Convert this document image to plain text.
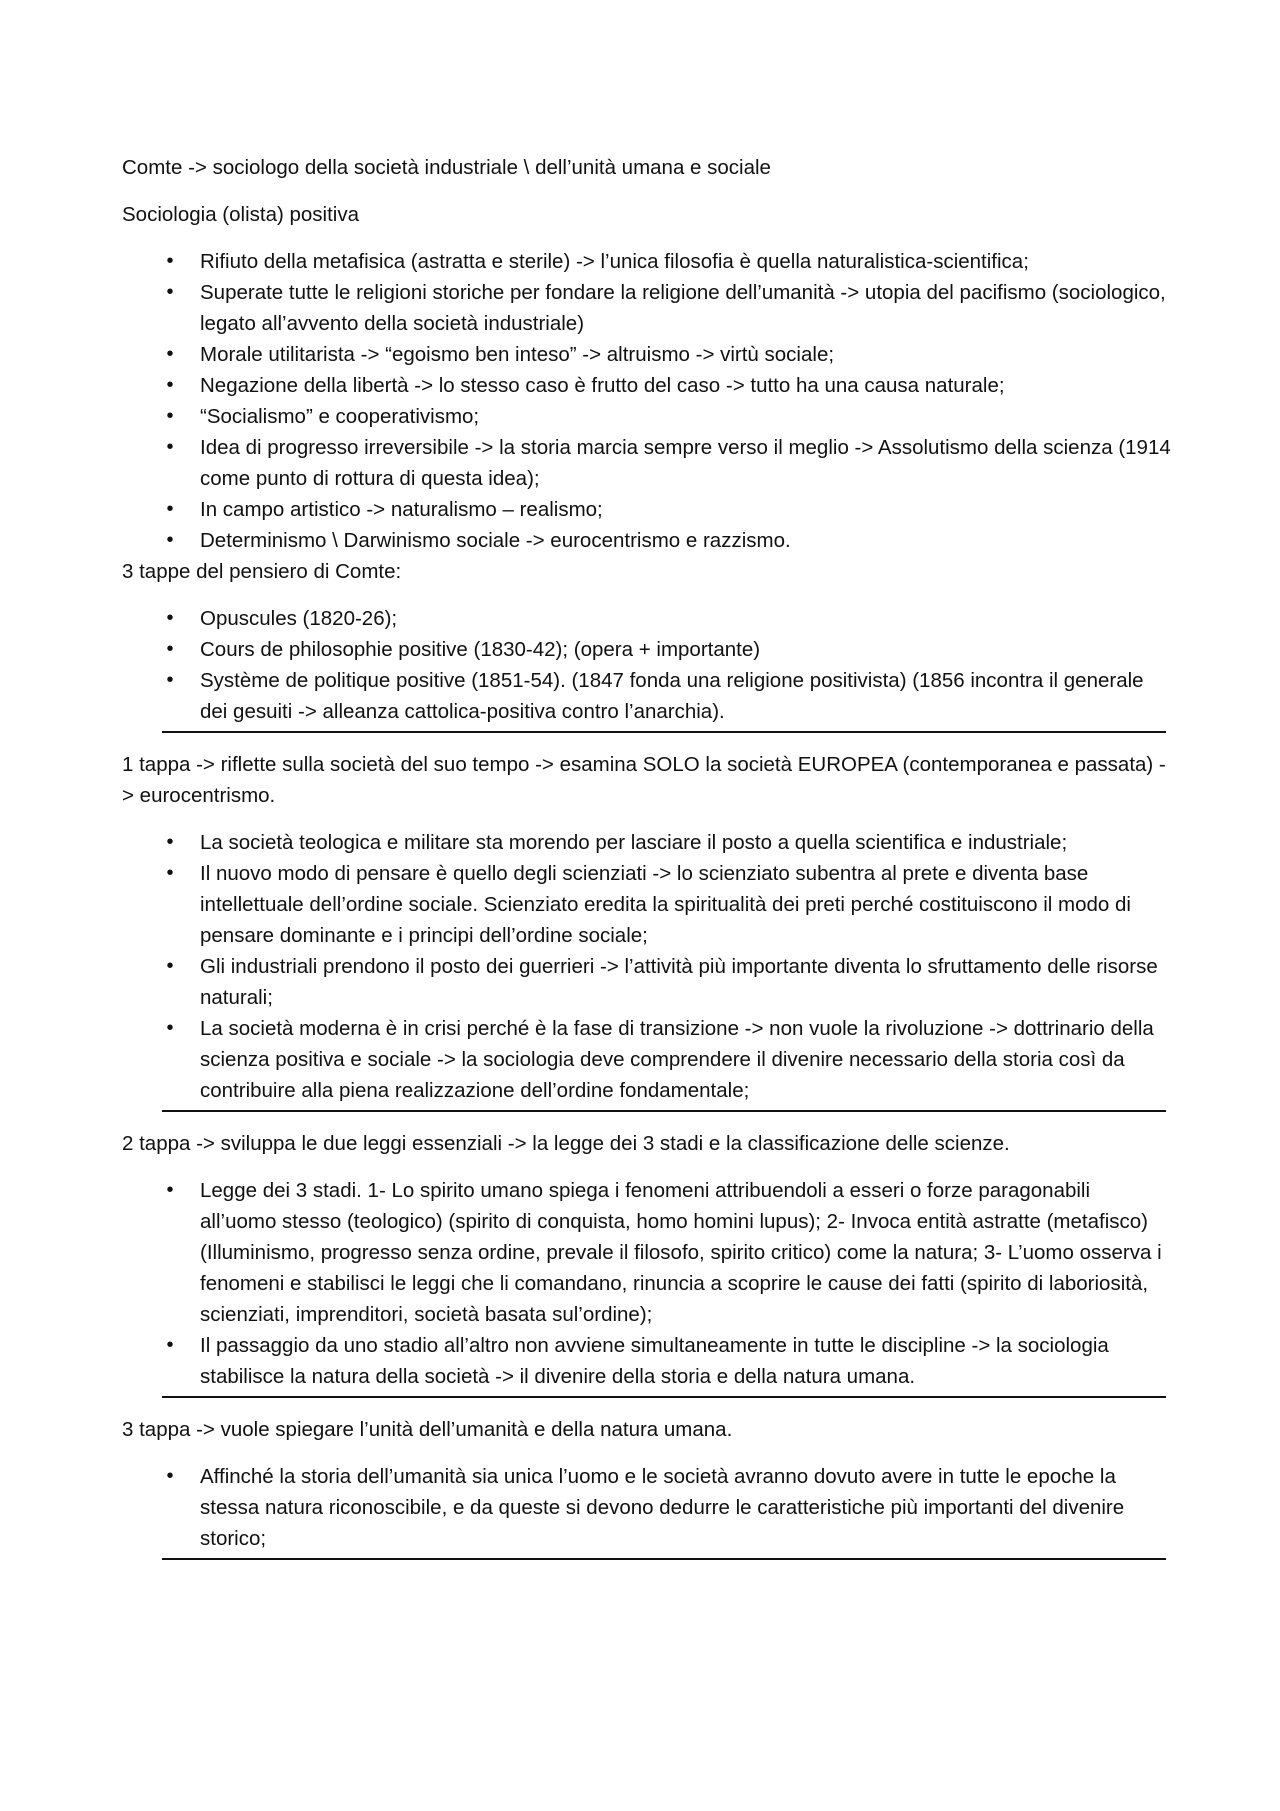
Comte -> sociologo della società industriale \ dell’unità umana e sociale

Sociologia (olista) positiva

•	Rifiuto della metafisica (astratta e sterile) -> l’unica filosofia è quella naturalistica-scientifica;
•	Superate tutte le religioni storiche per fondare la religione dell’umanità -> utopia del pacifismo (sociologico, legato all’avvento della società industriale)
•	Morale utilitarista -> “egoismo ben inteso” -> altruismo -> virtù sociale;
•	Negazione della libertà -> lo stesso caso è frutto del caso -> tutto ha una causa naturale;
•	“Socialismo” e cooperativismo;
•	Idea di progresso irreversibile -> la storia marcia sempre verso il meglio -> Assolutismo della scienza (1914 come punto di rottura di questa idea);
•	In campo artistico -> naturalismo – realismo;
•	Determinismo \ Darwinismo sociale -> eurocentrismo e razzismo.

3 tappe del pensiero di Comte:

•	Opuscules (1820-26);
•	Cours de philosophie positive (1830-42); (opera + importante)
•	Système de politique positive (1851-54). (1847 fonda una religione positivista) (1856 incontra il generale dei gesuiti -> alleanza cattolica-positiva contro l’anarchia).

1 tappa -> riflette sulla società del suo tempo -> esamina SOLO la società EUROPEA (contemporanea e passata) -> eurocentrismo.

•	La società teologica e militare sta morendo per lasciare il posto a quella scientifica e industriale;
•	Il nuovo modo di pensare è quello degli scienziati -> lo scienziato subentra al prete e diventa base intellettuale dell’ordine sociale. Scienziato eredita la spiritualità dei preti perché costituiscono il modo di pensare dominante e i principi dell’ordine sociale;
•	Gli industriali prendono il posto dei guerrieri -> l’attività più importante diventa lo sfruttamento delle risorse naturali;
•	La società moderna è in crisi perché è la fase di transizione -> non vuole la rivoluzione -> dottrinario della scienza positiva e sociale -> la sociologia deve comprendere il divenire necessario della storia così da contribuire alla piena realizzazione dell’ordine fondamentale;

2 tappa -> sviluppa le due leggi essenziali -> la legge dei 3 stadi e la classificazione delle scienze.

•	Legge dei 3 stadi. 1- Lo spirito umano spiega i fenomeni attribuendoli a esseri o forze paragonabili all’uomo stesso (teologico) (spirito di conquista, homo homini lupus); 2- Invoca entità astratte (metafisco) (Illuminismo, progresso senza ordine, prevale il filosofo, spirito critico) come la natura; 3- L’uomo osserva i fenomeni e stabilisci le leggi che li comandano, rinuncia a scoprire le cause dei fatti (spirito di laboriosità, scienziati, imprenditori, società basata sul’ordine);
•	Il passaggio da uno stadio all’altro non avviene simultaneamente in tutte le discipline -> la sociologia stabilisce la natura della società -> il divenire della storia e della natura umana.

3 tappa -> vuole spiegare l’unità dell’umanità e della natura umana.

•	Affinché la storia dell’umanità sia unica l’uomo e le società avranno dovuto avere in tutte le epoche la stessa natura riconoscibile, e da queste si devono dedurre le caratteristiche più importanti del divenire storico;
